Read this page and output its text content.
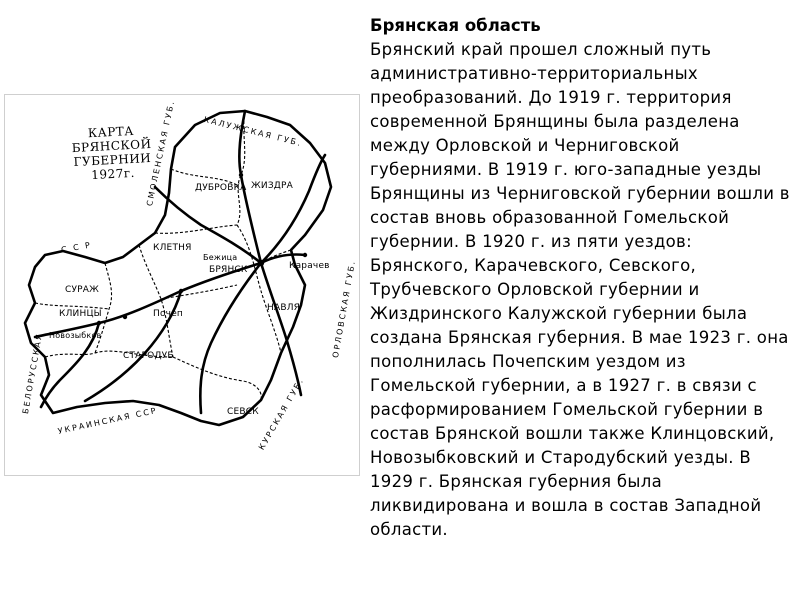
КАРТА
БРЯНСКОЙ ГУБЕРНИИ
1927г.
ДУБРОВКА ЖИЗДРА
КЛЕТНЯ
Бежица
БРЯНСК	Карачев
СУРАЖ
КЛИНЦЫ	Почеп
НАВЛЯ
Новозыбков
СТАРОДУБ
СЕВСК
КАЛУЖСКАЯ ГУБ.
СМОЛЕНСКАЯ ГУБ.
С С Р
БЕЛОРУССКАЯ
ОРЛОВСКАЯ ГУБ.
УКРАИНСКАЯ ССР	КУРСКАЯ ГУБ.
Брянская область
Брянский край прошел сложный путь административно-территориальных преобразований. До 1919 г. территория современной Брянщины была разделена между Орловской и Черниговской губерниями. В 1919 г. юго-западные уезды Брянщины из Черниговской губернии вошли в состав вновь образованной Гомельской губернии. В 1920 г. из пяти уездов: Брянского, Карачевского, Севского, Трубчевского Орловской губернии и Жиздринского Калужской губернии была создана Брянская губерния. В мае 1923 г. она пополнилась Почепским уездом из Гомельской губернии, а в 1927 г. в связи с расформированием Гомельской губернии в состав Брянской вошли также Клинцовский, Новозыбковский и Стародубский уезды. В 1929 г. Брянская губерния была ликвидирована и вошла в состав Западной области.
